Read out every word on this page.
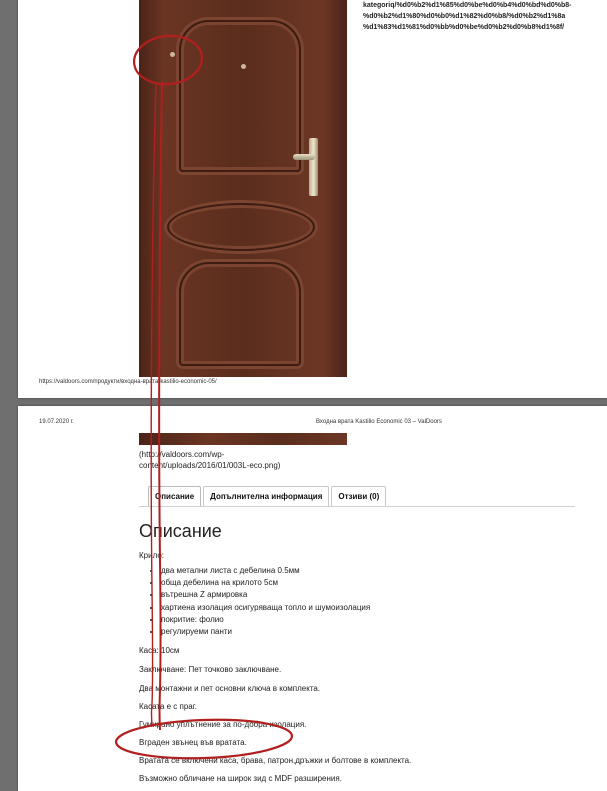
kategoriq/%d0%b2%d1%85%d0%be%d0%b4%d0%bd%d0%b8-
%d0%b2%d1%80%d0%b0%d1%82%d0%b8/%d0%b2%d1%8a
%d1%83%d1%81%d0%bb%d0%be%d0%b2%d0%b8%d1%8f/
https://valdoors.com/продукти/входна-врата-kastilio-economic-05/
19.07.2020 г.	Входна врата Kastilio Economic 03 – ValDoors
(http://valdoors.com/wp-
content/uploads/2016/01/003L-eco.png)
Описание	Допълнителна информация	Отзиви (0)
Описание
Крило:
• два метални листа с дебелина 0.5мм
• обща дебелина на крилото 5см
• вътрешна Z армировка
• хартиена изолация осигуряваща топло и шумоизолация
• покритие: фолио
• регулируеми панти
Каса: 10см
Заключване: Пет точково заключване.
Два монтажни и пет основни ключа в комплекта.
Касата е с праг.
Гумирано уплътнение за по-добра изолация.
Вграден звънец във вратата.
Вратата се включени каса, брава, патрон,дръжки и болтове в комплекта.
Възможно обличане на широк зид с MDF разширения.
